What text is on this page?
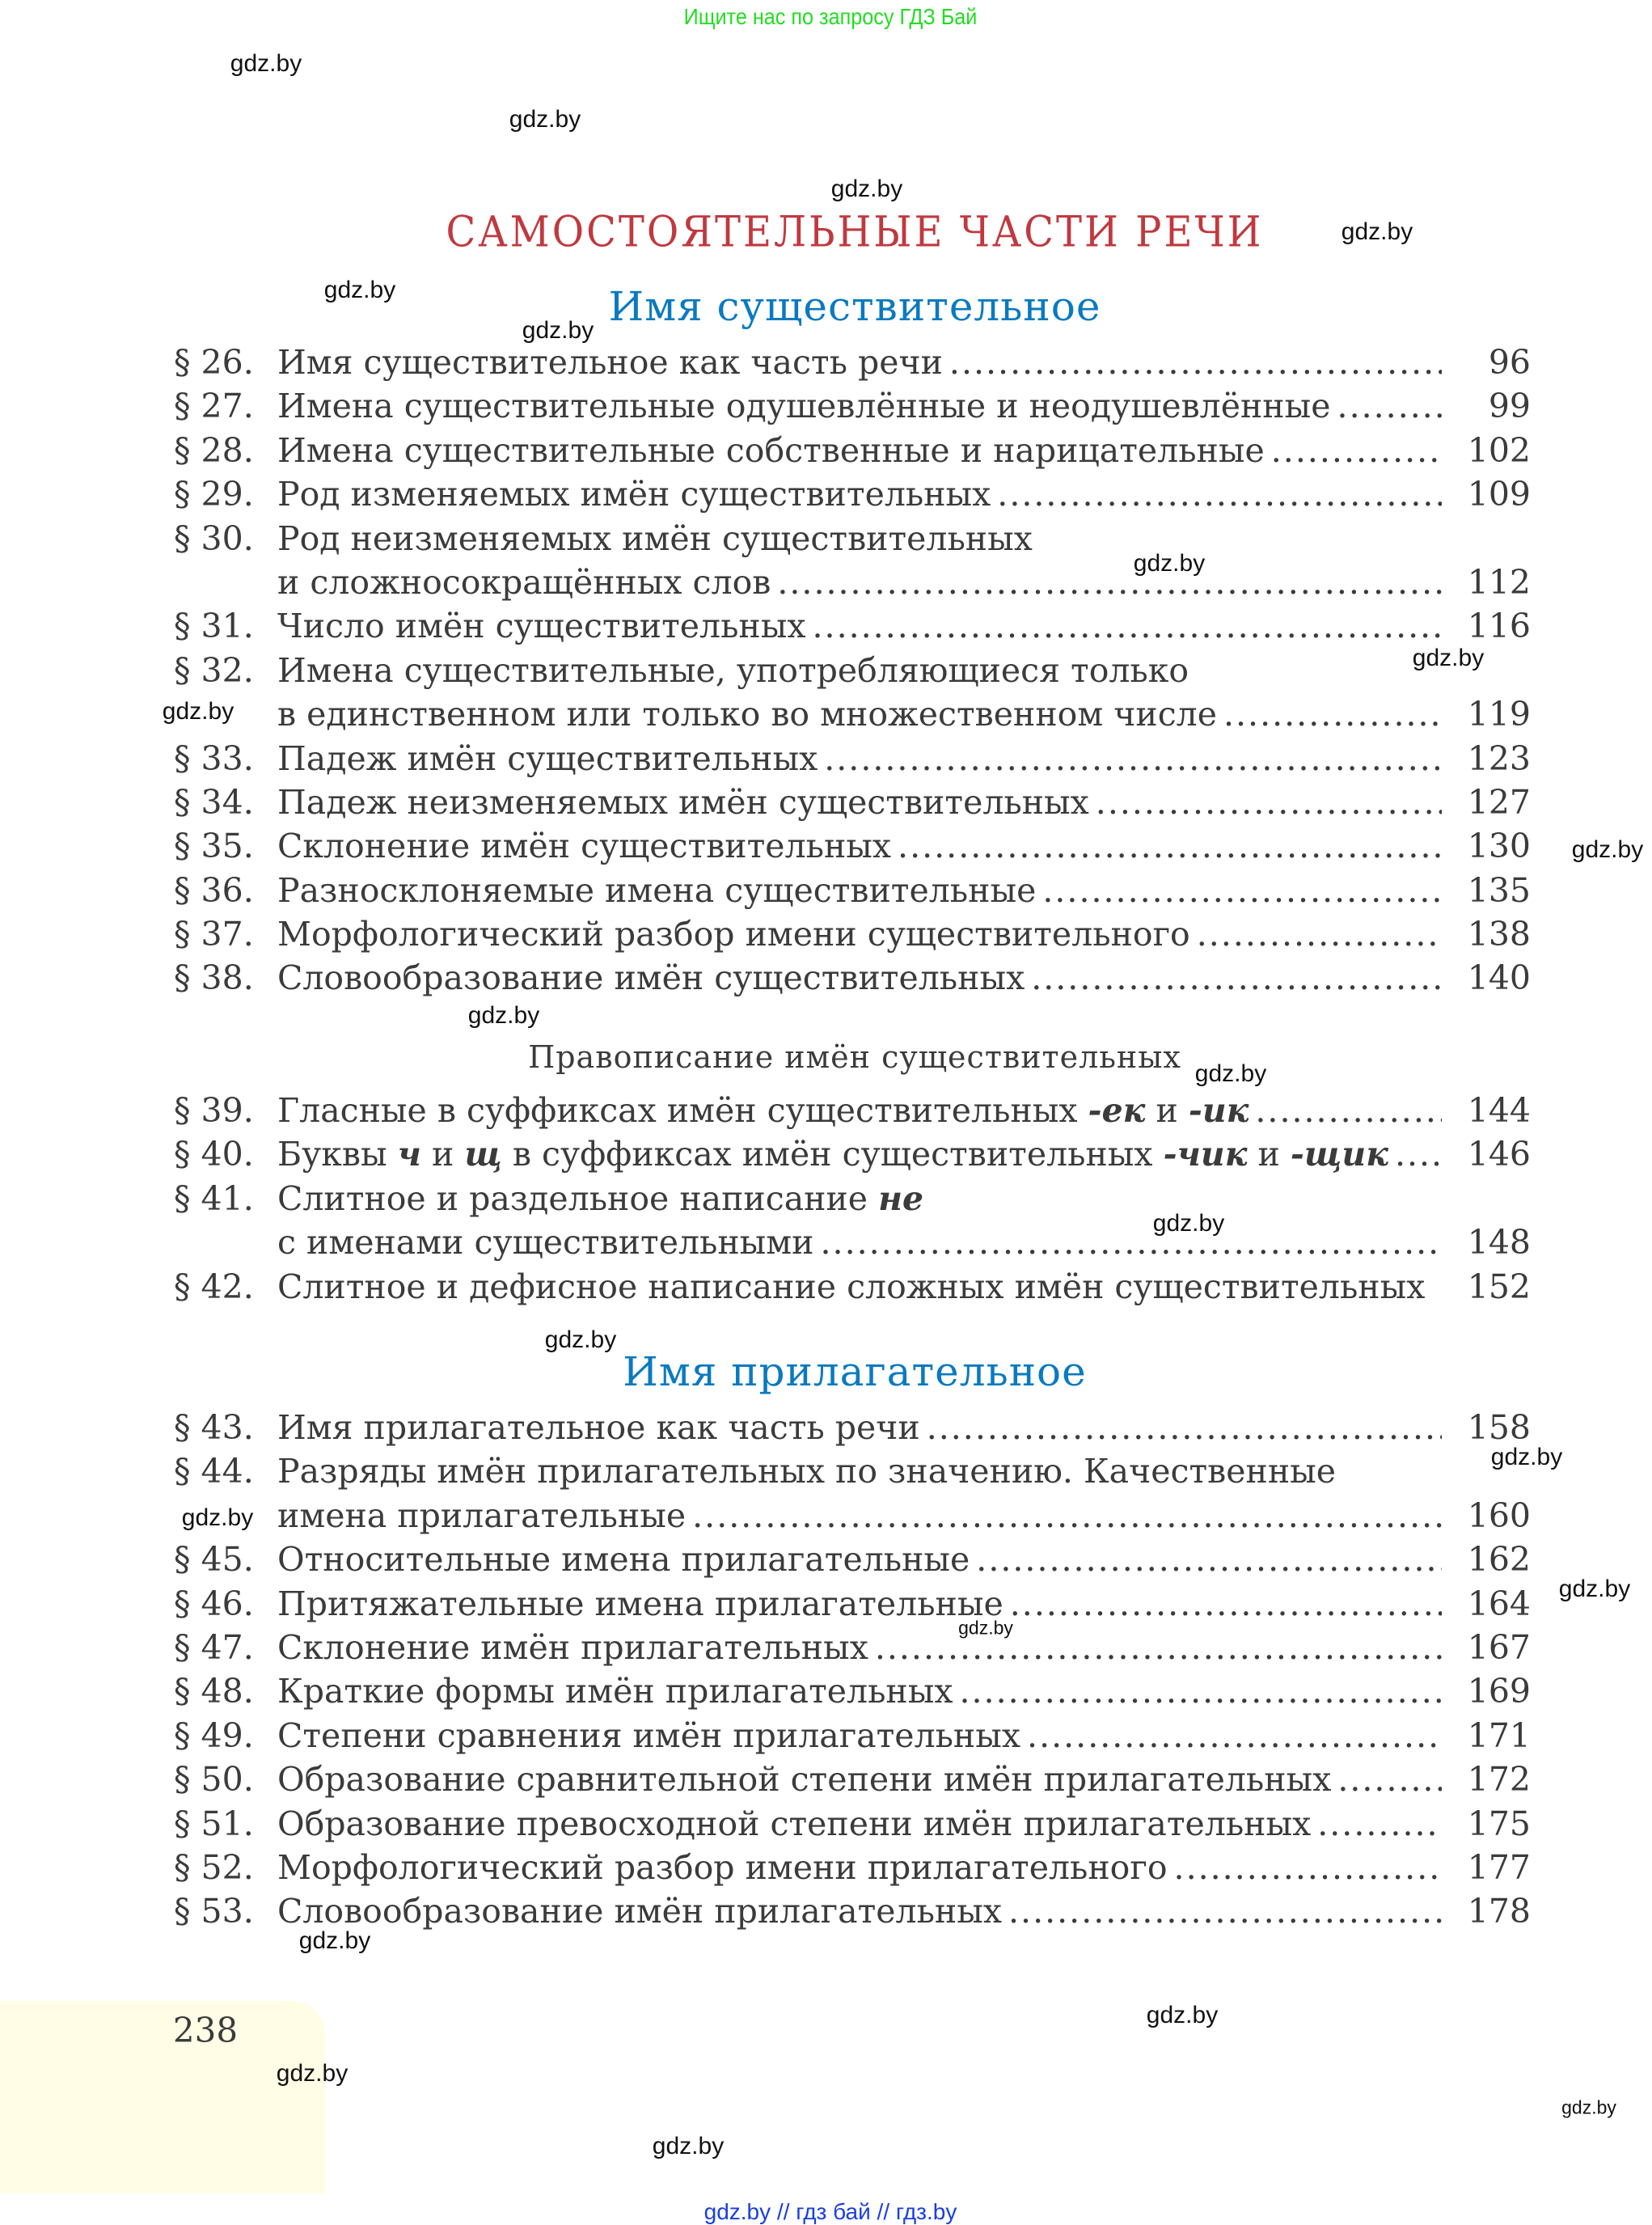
Ищите нас по запросу ГДЗ Бай
САМОСТОЯТЕЛЬНЫЕ ЧАСТИ РЕЧИ
Имя существительное
§ 26. Имя существительное как часть речи .....	96
§ 27. Имена существительные одушевлённые и неодушевлённые .....	99
§ 28. Имена существительные собственные и нарицательные .....	102
§ 29. Род изменяемых имён существительных .....	109
§ 30. Род неизменяемых имён существительных
и сложносокращённых слов .....	112
§ 31. Число имён существительных .....	116
§ 32. Имена существительные, употребляющиеся только
в единственном или только во множественном числе .....	119
§ 33. Падеж имён существительных .....	123
§ 34. Падеж неизменяемых имён существительных .....	127
§ 35. Склонение имён существительных .....	130
§ 36. Разносклоняемые имена существительные .....	135
§ 37. Морфологический разбор имени существительного .....	138
§ 38. Словообразование имён существительных .....	140
Правописание имён существительных
§ 39. Гласные в суффиксах имён существительных -ек и -ик .....	144
§ 40. Буквы ч и щ в суффиксах имён существительных -чик и -щик .....	146
§ 41. Слитное и раздельное написание не
с именами существительными .....	148
§ 42. Слитное и дефисное написание сложных имён существительных	152
Имя прилагательное
§ 43. Имя прилагательное как часть речи .....	158
§ 44. Разряды имён прилагательных по значению. Качественные
имена прилагательные .....	160
§ 45. Относительные имена прилагательные .....	162
§ 46. Притяжательные имена прилагательные .....	164
§ 47. Склонение имён прилагательных .....	167
§ 48. Краткие формы имён прилагательных .....	169
§ 49. Степени сравнения имён прилагательных .....	171
§ 50. Образование сравнительной степени имён прилагательных .....	172
§ 51. Образование превосходной степени имён прилагательных .....	175
§ 52. Морфологический разбор имени прилагательного .....	177
§ 53. Словообразование имён прилагательных .....	178
238
gdz.by
gdz.by
gdz.by
gdz.by
gdz.by
gdz.by
gdz.by
gdz.by
gdz.by
gdz.by
gdz.by
gdz.by
gdz.by
gdz.by
gdz.by
gdz.by
gdz.by
gdz.by
gdz.by
gdz.by
gdz.by
gdz.by
gdz.by
gdz.by // гдз бай // гдз.by
